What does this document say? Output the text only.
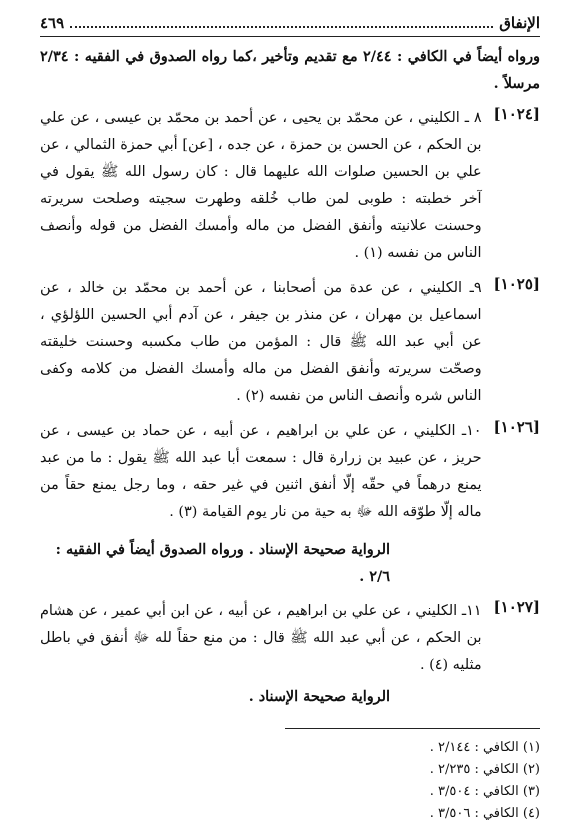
الإنفاق
٤٦٩

ورواه أيضاً في الكافي : ٢/٤٤ مع تقديم وتأخير ،كما رواه الصدوق في الفقيه : ٢/٣٤ مرسلاً .

[١٠٢٤]

٨ ـ الكليني ، عن محمّد بن يحيى ، عن أحمد بن محمّد بن عيسى ، عن علي بن الحكم ، عن الحسن بن حمزة ، عن جده ، [عن] أبي حمزة الثمالي ، عن علي بن الحسين صلوات الله عليهما قال : كان رسول الله ﷺ يقول في آخر خطبته : طوبى لمن طاب خُلقه وطهرت سجيته وصلحت سريرته وحسنت علانيته وأنفق الفضل من ماله وأمسك الفضل من قوله وأنصف الناس من نفسه (١) .

[١٠٢٥]

٩ـ الكليني ، عن عدة من أصحابنا ، عن أحمد بن محمّد بن خالد ، عن اسماعيل بن مهران ، عن منذر بن جيفر ، عن آدم أبي الحسين اللؤلؤي ، عن أبي عبد الله ﷺ قال : المؤمن من طاب مكسبه وحسنت خليقته وصحّت سريرته وأنفق الفضل من ماله وأمسك الفضل من كلامه وكفى الناس شره وأنصف الناس من نفسه (٢) .

[١٠٢٦]

١٠ـ الكليني ، عن علي بن ابراهيم ، عن أبيه ، عن حماد بن عيسى ، عن حريز ، عن عبيد بن زرارة قال : سمعت أبا عبد الله ﷺ يقول : ما من عبد يمنع درهماً في حقّه إلّا أنفق اثنين في غير حقه ، وما رجل يمنع حقاً من ماله إلّا طوّقه الله ﷻ به حية من نار يوم القيامة (٣) .

الرواية صحيحة الإسناد . ورواه الصدوق أيضاً في الفقيه : ٢/٦ .
[١٠٢٧]

١١ـ الكليني ، عن علي بن ابراهيم ، عن أبيه ، عن ابن أبي عمير ، عن هشام بن الحكم ، عن أبي عبد الله ﷺ قال : من منع حقاً لله ﷻ أنفق في باطل مثليه (٤) .

الرواية صحيحة الإسناد .
(١) الكافي : ٢/١٤٤ .
(٢) الكافي : ٢/٢٣٥ .
(٣) الكافي : ٣/٥٠٤ .
(٤) الكافي : ٣/٥٠٦ .
